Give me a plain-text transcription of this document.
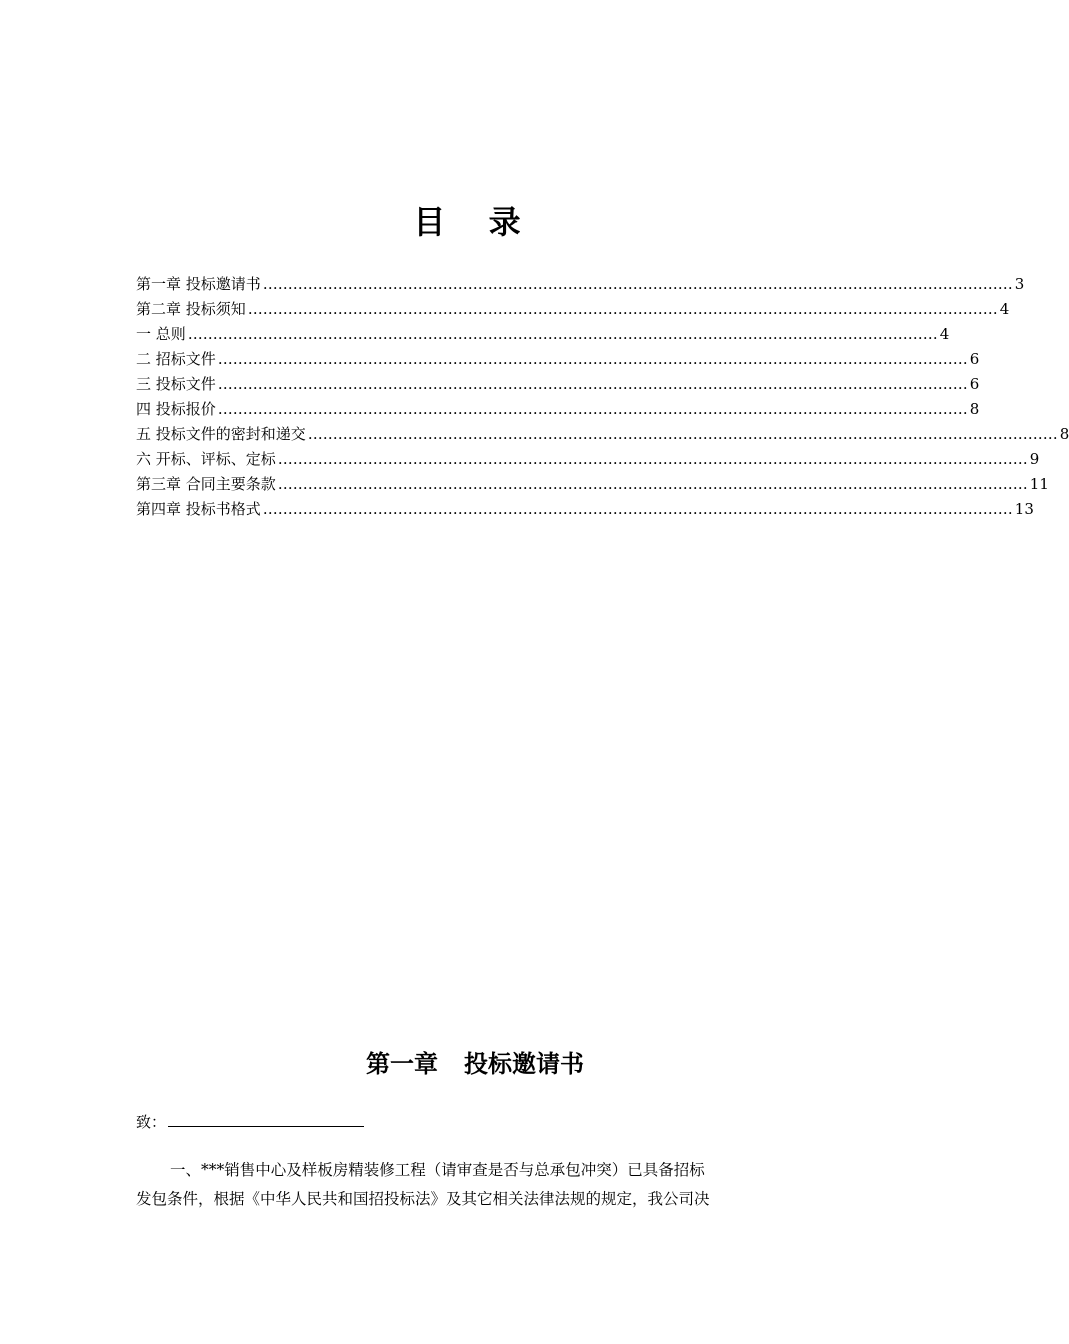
目 录
第一章 投标邀请书 …………………………………………………………………………………………………………………………………… 3
第二章 投标须知 …………………………………………………………………………………………………………………………………… 4
一 总则 …………………………………………………………………………………………………………………………………… 4
二 招标文件 …………………………………………………………………………………………………………………………………… 6
三 投标文件 …………………………………………………………………………………………………………………………………… 6
四 投标报价 …………………………………………………………………………………………………………………………………… 8
五 投标文件的密封和递交 …………………………………………………………………………………………………………………………………… 8
六 开标、评标、定标 …………………………………………………………………………………………………………………………………… 9
第三章 合同主要条款 …………………………………………………………………………………………………………………………………… 11
第四章 投标书格式 …………………………………………………………………………………………………………………………………… 13
第一章 投标邀请书
致：
一、***销售中心及样板房精装修工程（请审查是否与总承包冲突）已具备招标
发包条件，根据《中华人民共和国招投标法》及其它相关法律法规的规定，我公司决
